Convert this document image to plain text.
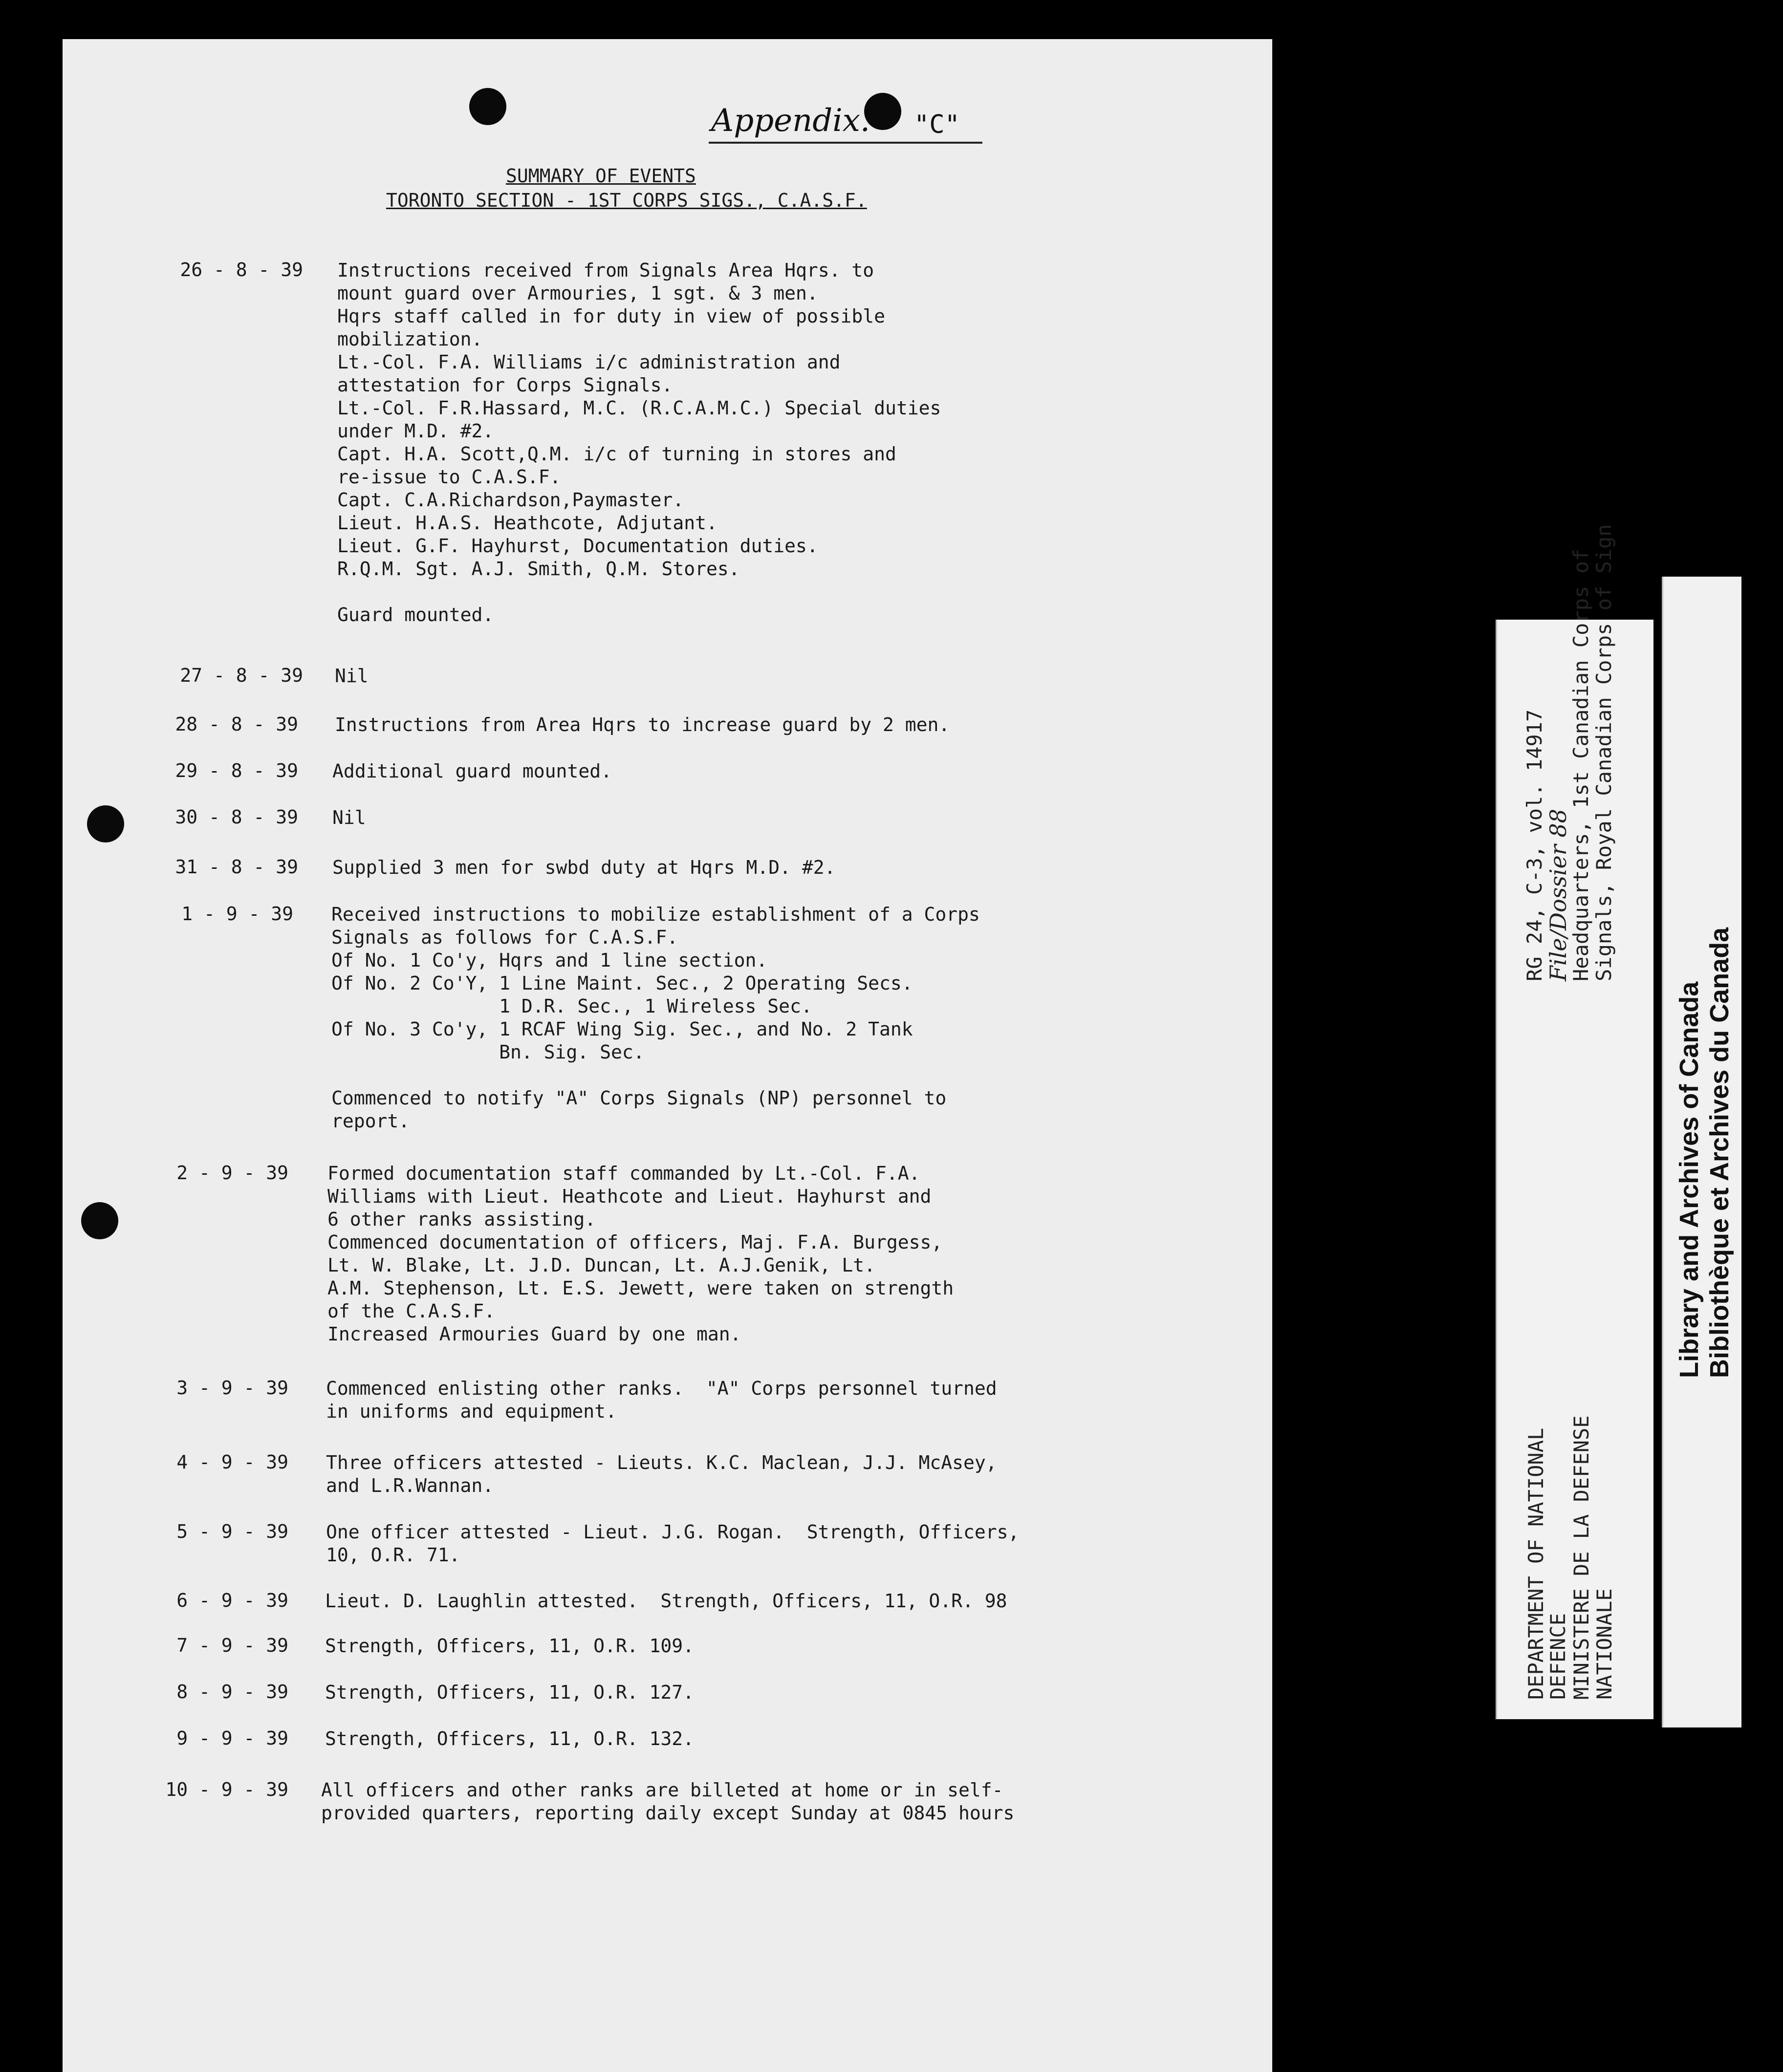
Appendix. "C"
SUMMARY OF EVENTS
TORONTO SECTION - 1ST CORPS SIGS., C.A.S.F.
26 - 8 - 39 Instructions received from Signals Area Hqrs. to
mount guard over Armouries, 1 sgt. & 3 men.
Hqrs staff called in for duty in view of possible
mobilization.
Lt.-Col. F.A. Williams i/c administration and
attestation for Corps Signals.
Lt.-Col. F.R.Hassard, M.C. (R.C.A.M.C.) Special duties
under M.D. #2.
Capt. H.A. Scott,Q.M. i/c of turning in stores and
re-issue to C.A.S.F.
Capt. C.A.Richardson,Paymaster.
Lieut. H.A.S. Heathcote, Adjutant.
Lieut. G.F. Hayhurst, Documentation duties.
R.Q.M. Sgt. A.J. Smith, Q.M. Stores.
Guard mounted.
27 - 8 - 39 Nil
28 - 8 - 39 Instructions from Area Hqrs to increase guard by 2 men.
29 - 8 - 39 Additional guard mounted.
30 - 8 - 39 Nil
31 - 8 - 39 Supplied 3 men for swbd duty at Hqrs M.D. #2.
1 - 9 - 39 Received instructions to mobilize establishment of a Corps
Signals as follows for C.A.S.F.
Of No. 1 Co'y, Hqrs and 1 line section.
Of No. 2 Co'Y, 1 Line Maint. Sec., 2 Operating Secs.
1 D.R. Sec., 1 Wireless Sec.
Of No. 3 Co'y, 1 RCAF Wing Sig. Sec., and No. 2 Tank
Bn. Sig. Sec.
Commenced to notify "A" Corps Signals (NP) personnel to
report.
2 - 9 - 39 Formed documentation staff commanded by Lt.-Col. F.A.
Williams with Lieut. Heathcote and Lieut. Hayhurst and
6 other ranks assisting.
Commenced documentation of officers, Maj. F.A. Burgess,
Lt. W. Blake, Lt. J.D. Duncan, Lt. A.J.Genik, Lt.
A.M. Stephenson, Lt. E.S. Jewett, were taken on strength
of the C.A.S.F.
Increased Armouries Guard by one man.
3 - 9 - 39 Commenced enlisting other ranks.  "A" Corps personnel turned
in uniforms and equipment.
4 - 9 - 39 Three officers attested - Lieuts. K.C. Maclean, J.J. McAsey,
and L.R.Wannan.
5 - 9 - 39 One officer attested - Lieut. J.G. Rogan.  Strength, Officers,
10, O.R. 71.
6 - 9 - 39 Lieut. D. Laughlin attested.  Strength, Officers, 11, O.R. 98
7 - 9 - 39 Strength, Officers, 11, O.R. 109.
8 - 9 - 39 Strength, Officers, 11, O.R. 127.
9 - 9 - 39 Strength, Officers, 11, O.R. 132.
10 - 9 - 39 All officers and other ranks are billeted at home or in self-
provided quarters, reporting daily except Sunday at 0845 hours
DEPARTMENT OF NATIONAL
DEFENCE MINISTERE DE LA DEFENSE
NATIONALE
RG 24, C-3, vol. 14917
File/Dossier 88
Headquarters, 1st Canadian Corps of
Signals, Royal Canadian Corps of Sign
Library and Archives of Canada Bibliothèque et Archives du Canada
